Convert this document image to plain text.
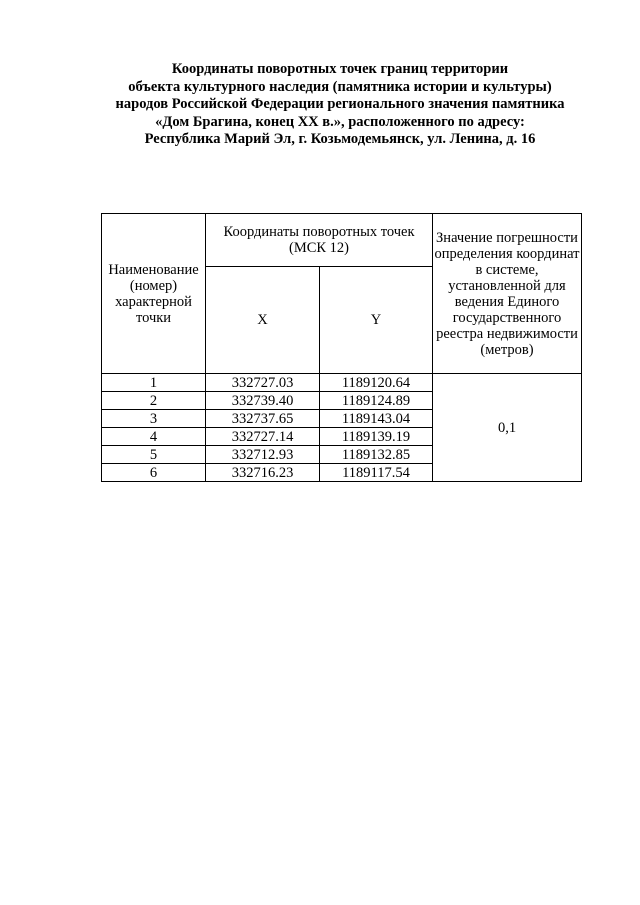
Координаты поворотных точек границ территории
объекта культурного наследия (памятника истории и культуры)
народов Российской Федерации регионального значения памятника
«Дом Брагина, конец XX в.», расположенного по адресу:
Республика Марий Эл, г. Козьмодемьянск, ул. Ленина, д. 16
Наименование (номер) характерной точки	Координаты поворотных точек (МСК 12)		Значение погрешности определения координат в системе, установленной для ведения Единого государственного реестра недвижимости (метров)
	X	Y	
1	332727.03	1189120.64	0,1
2	332739.40	1189124.89	
3	332737.65	1189143.04	
4	332727.14	1189139.19	
5	332712.93	1189132.85	
6	332716.23	1189117.54	
